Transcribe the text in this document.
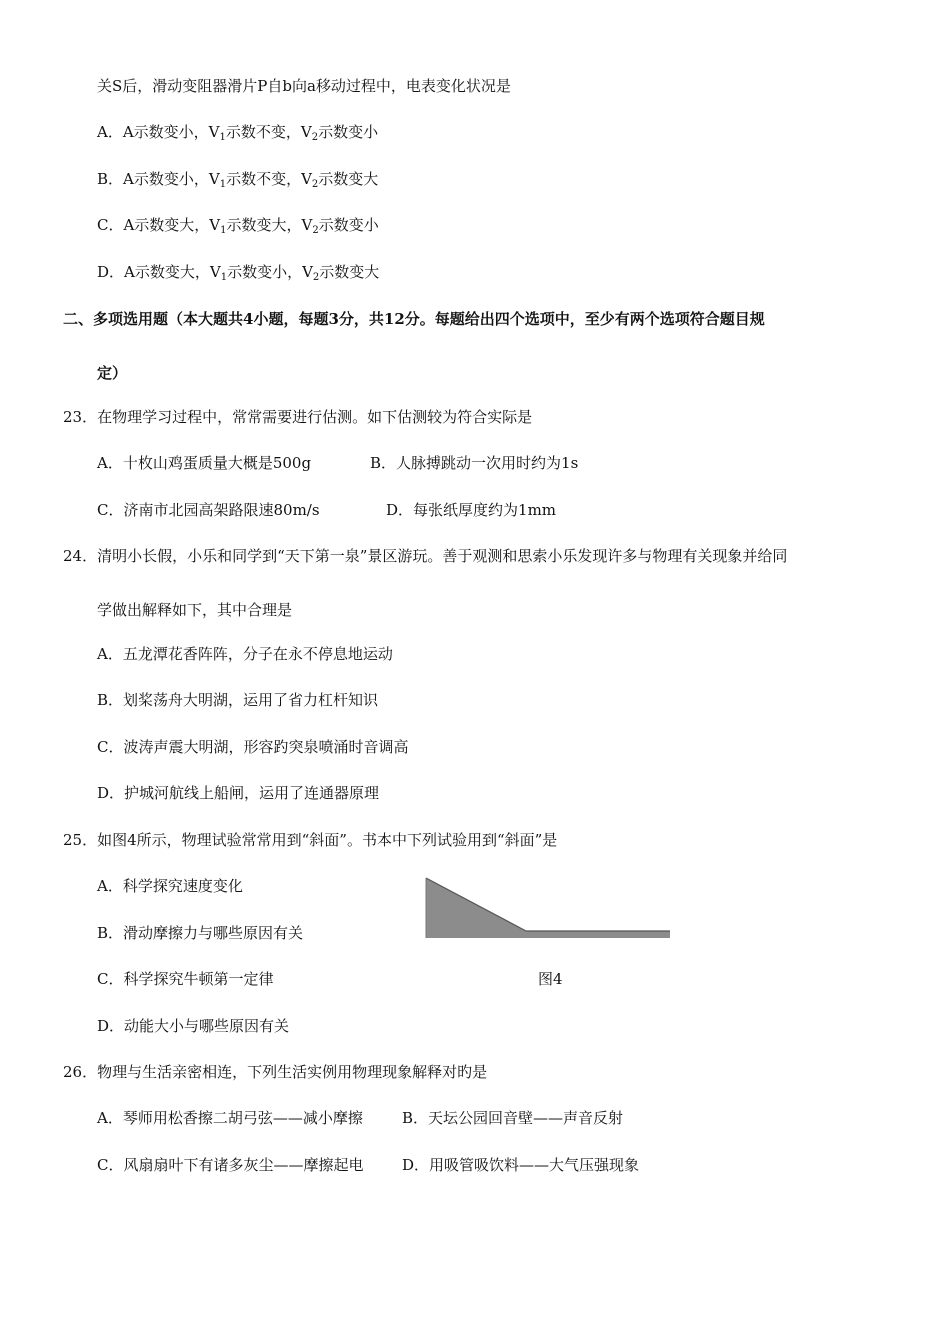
关S后，滑动变阻器滑片P自b向a移动过程中，电表变化状况是
A．A示数变小，$V_1$示数不变，$V_2$示数变小
B．A示数变小，$V_1$示数不变，$V_2$示数变大
C．A示数变大，$V_1$示数变大，$V_2$示数变小
D．A示数变大，$V_1$示数变小，$V_2$示数变大
二、多项选用题（本大题共4小题，每题3分，共12分。每题给出四个选项中，至少有两个选项符合题目规
定）
23．在物理学习过程中，常常需要进行估测。如下估测较为符合实际是
A．十枚山鸡蛋质量大概是500g	B．人脉搏跳动一次用时约为1s
C．济南市北园高架路限速80m/s	D．每张纸厚度约为1mm
24．清明小长假，小乐和同学到“天下第一泉”景区游玩。善于观测和思索小乐发现许多与物理有关现象并给同
学做出解释如下，其中合理是
A．五龙潭花香阵阵，分子在永不停息地运动
B．划桨荡舟大明湖，运用了省力杠杆知识
C．波涛声震大明湖，形容趵突泉喷涌时音调高
D．护城河航线上船闸，运用了连通器原理
25．如图4所示，物理试验常常用到“斜面”。书本中下列试验用到“斜面”是
A．科学探究速度变化
B．滑动摩擦力与哪些原因有关
C．科学探究牛顿第一定律
D．动能大小与哪些原因有关
图4
26．物理与生活亲密相连，下列生活实例用物理现象解释对旳是
A．琴师用松香擦二胡弓弦——减小摩擦	B．天坛公园回音壁——声音反射
C．风扇扇叶下有诸多灰尘——摩擦起电	D．用吸管吸饮料——大气压强现象
